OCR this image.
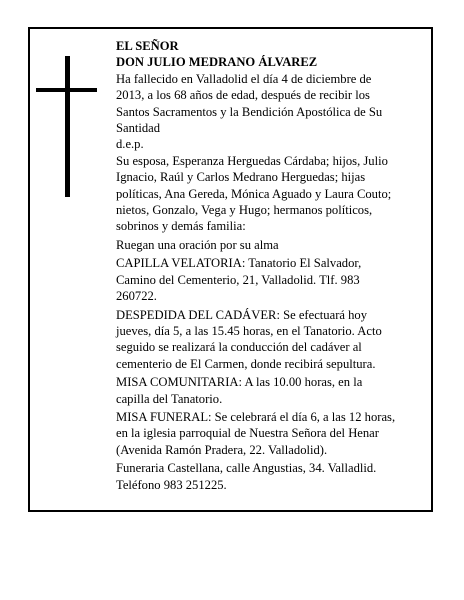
EL SEÑOR

DON JULIO MEDRANO ÁLVAREZ

Ha fallecido en Valladolid el día 4 de diciembre de
2013, a los 68 años de edad, después de recibir los
Santos Sacramentos y la Bendición Apostólica de Su
Santidad

d.e.p.

Su esposa, Esperanza Herguedas Cárdaba; hijos, Julio
Ignacio, Raúl y Carlos Medrano Herguedas; hijas
políticas, Ana Gereda, Mónica Aguado y Laura Couto;
nietos, Gonzalo, Vega y Hugo; hermanos políticos,
sobrinos y demás familia:

Ruegan una oración por su alma

CAPILLA VELATORIA: Tanatorio El Salvador,
Camino del Cementerio, 21, Valladolid. Tlf. 983
260722.

DESPEDIDA DEL CADÁVER: Se efectuará hoy
jueves, día 5, a las 15.45 horas, en el Tanatorio. Acto
seguido se realizará la conducción del cadáver al
cementerio de El Carmen, donde recibirá sepultura.

MISA COMUNITARIA: A las 10.00 horas, en la
capilla del Tanatorio.

MISA FUNERAL: Se celebrará el día 6, a las 12 horas,
en la iglesia parroquial de Nuestra Señora del Henar
(Avenida Ramón Pradera, 22. Valladolid).

Funeraria Castellana, calle Angustias, 34. Valladlid.
Teléfono 983 251225.
